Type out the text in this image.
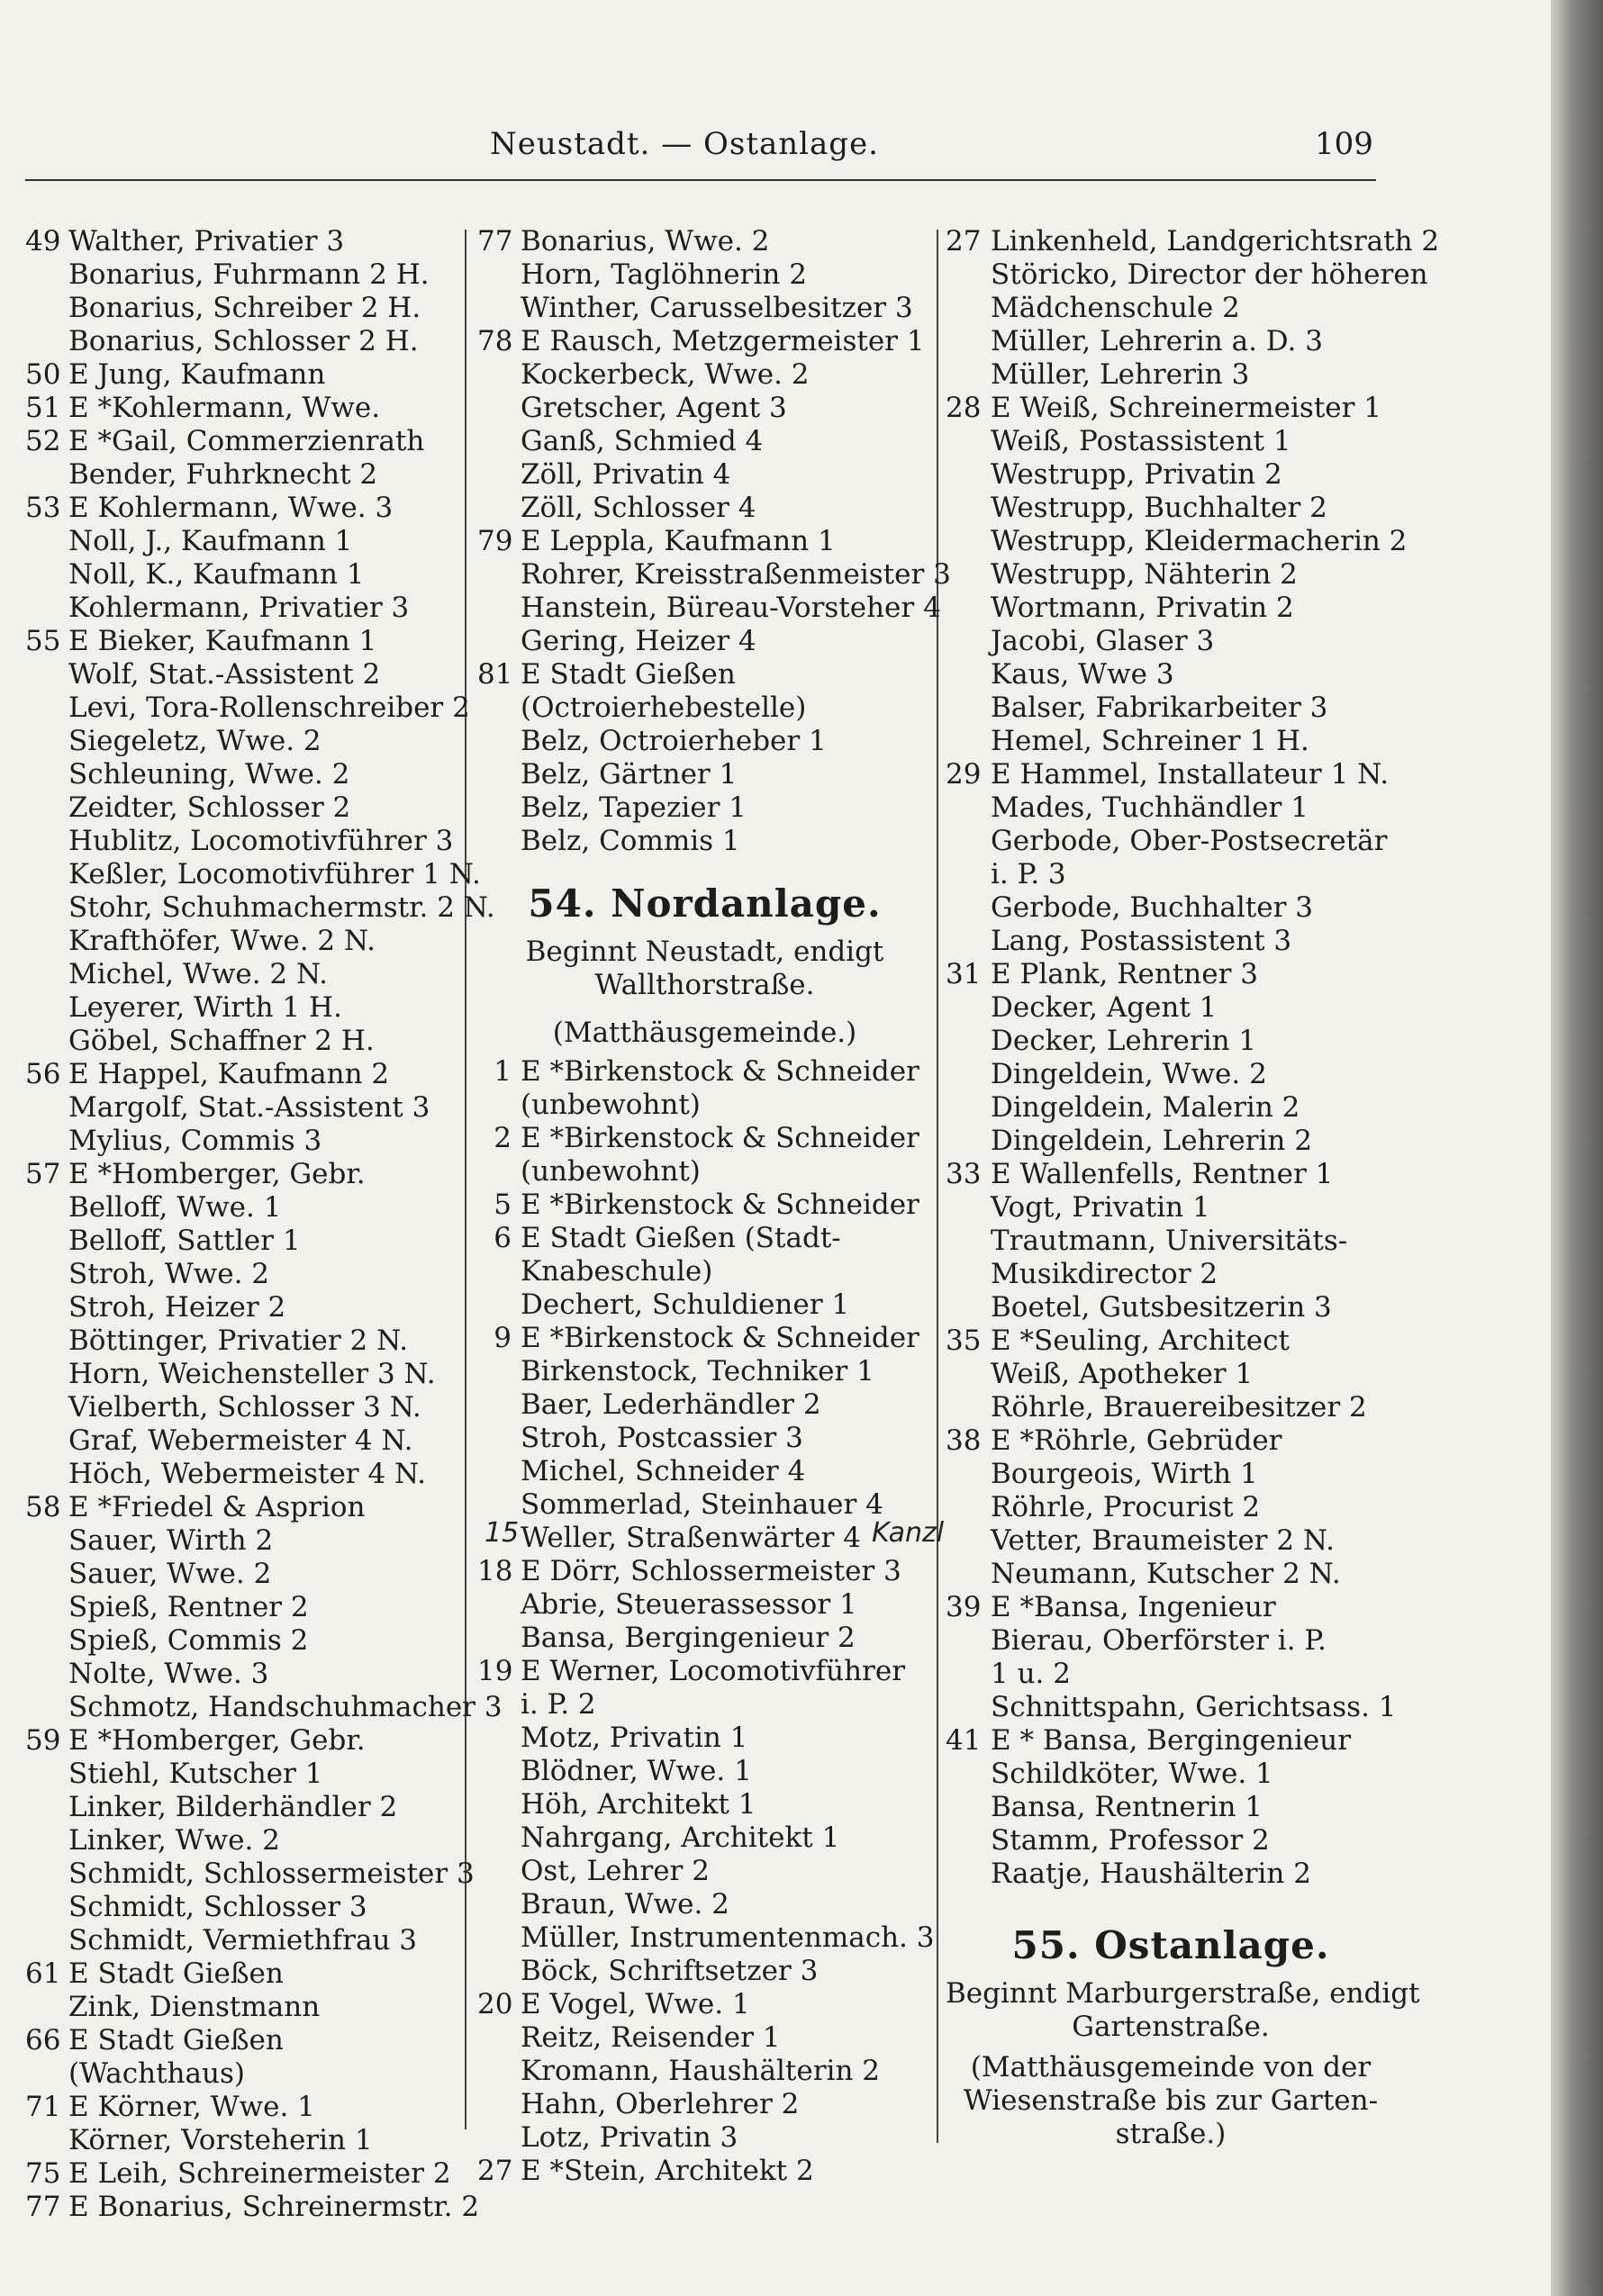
Neustadt. — Ostanlage.	109
49 Walther, Privatier 3
Bonarius, Fuhrmann 2 H.
Bonarius, Schreiber 2 H.
Bonarius, Schlosser 2 H.
50 E Jung, Kaufmann
51 E *Kohlermann, Wwe.
52 E *Gail, Commerzienrath
Bender, Fuhrknecht 2
53 E Kohlermann, Wwe. 3
Noll, J., Kaufmann 1
Noll, K., Kaufmann 1
Kohlermann, Privatier 3
55 E Bieker, Kaufmann 1
Wolf, Stat.-Assistent 2
Levi, Tora-Rollenschreiber 2
Siegeletz, Wwe. 2
Schleuning, Wwe. 2
Zeidter, Schlosser 2
Hublitz, Locomotivführer 3
Keßler, Locomotivführer 1 N.
Stohr, Schuhmachermstr. 2 N.
Krafthöfer, Wwe. 2 N.
Michel, Wwe. 2 N.
Leyerer, Wirth 1 H.
Göbel, Schaffner 2 H.
56 E Happel, Kaufmann 2
Margolf, Stat.-Assistent 3
Mylius, Commis 3
57 E *Homberger, Gebr.
Belloff, Wwe. 1
Belloff, Sattler 1
Stroh, Wwe. 2
Stroh, Heizer 2
Böttinger, Privatier 2 N.
Horn, Weichensteller 3 N.
Vielberth, Schlosser 3 N.
Graf, Webermeister 4 N.
Höch, Webermeister 4 N.
58 E *Friedel & Asprion
Sauer, Wirth 2
Sauer, Wwe. 2
Spieß, Rentner 2
Spieß, Commis 2
Nolte, Wwe. 3
Schmotz, Handschuhmacher 3
59 E *Homberger, Gebr.
Stiehl, Kutscher 1
Linker, Bilderhändler 2
Linker, Wwe. 2
Schmidt, Schlossermeister 3
Schmidt, Schlosser 3
Schmidt, Vermiethfrau 3
61 E Stadt Gießen
Zink, Dienstmann
66 E Stadt Gießen
(Wachthaus)
71 E Körner, Wwe. 1
Körner, Vorsteherin 1
75 E Leih, Schreinermeister 2
77 E Bonarius, Schreinermstr. 2
77 Bonarius, Wwe. 2
Horn, Taglöhnerin 2
Winther, Carusselbesitzer 3
78 E Rausch, Metzgermeister 1
Kockerbeck, Wwe. 2
Gretscher, Agent 3
Ganß, Schmied 4
Zöll, Privatin 4
Zöll, Schlosser 4
79 E Leppla, Kaufmann 1
Rohrer, Kreisstraßenmeister 3
Hanstein, Büreau-Vorsteher 4
Gering, Heizer 4
81 E Stadt Gießen
(Octroierhebestelle)
Belz, Octroierheber 1
Belz, Gärtner 1
Belz, Tapezier 1
Belz, Commis 1
54. Nordanlage.
Beginnt Neustadt, endigt
Wallthorstraße.
(Matthäusgemeinde.)
1 E *Birkenstock & Schneider
(unbewohnt)
2 E *Birkenstock & Schneider
(unbewohnt)
5 E *Birkenstock & Schneider
6 E Stadt Gießen (Stadt-
Knabeschule)
Dechert, Schuldiener 1
9 E *Birkenstock & Schneider
Birkenstock, Techniker 1
Baer, Lederhändler 2
Stroh, Postcassier 3
Michel, Schneider 4
Sommerlad, Steinhauer 4
Weller, Straßenwärter 4
18 E Dörr, Schlossermeister 3
Abrie, Steuerassessor 1
Bansa, Bergingenieur 2
19 E Werner, Locomotivführer
i. P. 2
Motz, Privatin 1
Blödner, Wwe. 1
Höh, Architekt 1
Nahrgang, Architekt 1
Ost, Lehrer 2
Braun, Wwe. 2
Müller, Instrumentenmach. 3
Böck, Schriftsetzer 3
20 E Vogel, Wwe. 1
Reitz, Reisender 1
Kromann, Haushälterin 2
Hahn, Oberlehrer 2
Lotz, Privatin 3
27 E *Stein, Architekt 2
27 Linkenheld, Landgerichtsrath 2
Störicko, Director der höheren
Mädchenschule 2
Müller, Lehrerin a. D. 3
Müller, Lehrerin 3
28 E Weiß, Schreinermeister 1
Weiß, Postassistent 1
Westrupp, Privatin 2
Westrupp, Buchhalter 2
Westrupp, Kleidermacherin 2
Westrupp, Nähterin 2
Wortmann, Privatin 2
Jacobi, Glaser 3
Kaus, Wwe 3
Balser, Fabrikarbeiter 3
Hemel, Schreiner 1 H.
29 E Hammel, Installateur 1 N.
Mades, Tuchhändler 1
Gerbode, Ober-Postsecretär
i. P. 3
Gerbode, Buchhalter 3
Lang, Postassistent 3
31 E Plank, Rentner 3
Decker, Agent 1
Decker, Lehrerin 1
Dingeldein, Wwe. 2
Dingeldein, Malerin 2
Dingeldein, Lehrerin 2
33 E Wallenfells, Rentner 1
Vogt, Privatin 1
Trautmann, Universitäts-
Musikdirector 2
Boetel, Gutsbesitzerin 3
35 E *Seuling, Architect
Weiß, Apotheker 1
Röhrle, Brauereibesitzer 2
38 E *Röhrle, Gebrüder
Bourgeois, Wirth 1
Röhrle, Procurist 2
Vetter, Braumeister 2 N.
Neumann, Kutscher 2 N.
39 E *Bansa, Ingenieur
Bierau, Oberförster i. P.
1 u. 2
Schnittspahn, Gerichtsass. 1
41 E * Bansa, Bergingenieur
Schildköter, Wwe. 1
Bansa, Rentnerin 1
Stamm, Professor 2
Raatje, Haushälterin 2
55. Ostanlage.
Beginnt Marburgerstraße, endigt
Gartenstraße.
(Matthäusgemeinde von der
Wiesenstraße bis zur Garten-
straße.)
15	Kanzl
